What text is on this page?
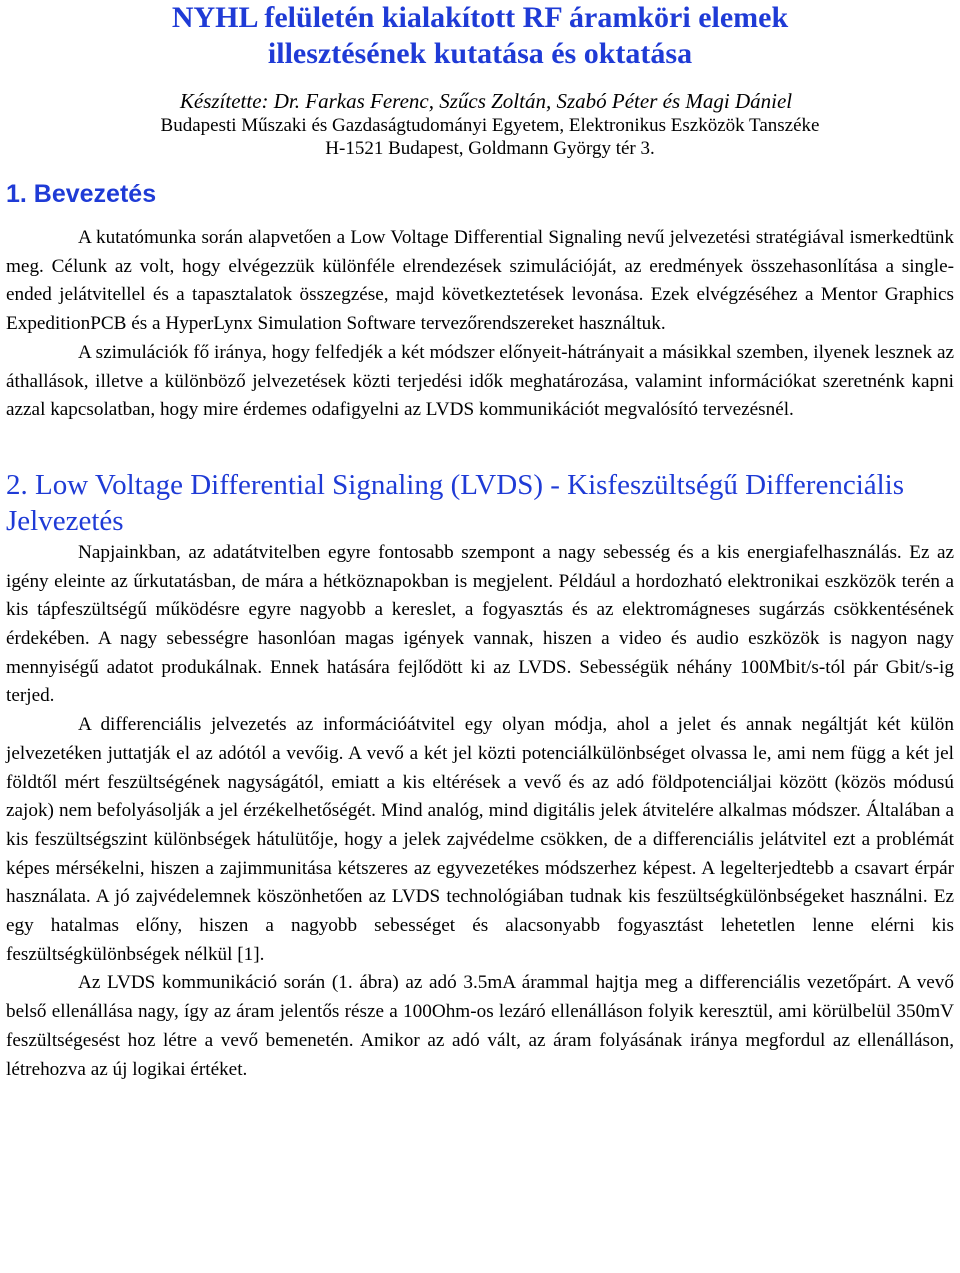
NYHL felületén kialakított RF áramköri elemek
illesztésének kutatása és oktatása
Készítette: Dr. Farkas Ferenc, Szűcs Zoltán, Szabó Péter és Magi Dániel
Budapesti Műszaki és Gazdaságtudományi Egyetem, Elektronikus Eszközök Tanszéke
H-1521 Budapest, Goldmann György tér 3.
1. Bevezetés

A kutatómunka során alapvetően a Low Voltage Differential Signaling nevű jelvezetési stratégiával ismerkedtünk meg. Célunk az volt, hogy elvégezzük különféle elrendezések szimulációját, az eredmények összehasonlítása a single-ended jelátvitellel és a tapasztalatok összegzése, majd következtetések levonása. Ezek elvégzéséhez a Mentor Graphics ExpeditionPCB és a HyperLynx Simulation Software tervezőrendszereket használtuk.

A szimulációk fő iránya, hogy felfedjék a két módszer előnyeit-hátrányait a másikkal szemben, ilyenek lesznek az áthallások, illetve a különböző jelvezetések közti terjedési idők meghatározása, valamint információkat szeretnénk kapni azzal kapcsolatban, hogy mire érdemes odafigyelni az LVDS kommunikációt megvalósító tervezésnél.

2. Low Voltage Differential Signaling (LVDS) - Kisfeszültségű Differenciális Jelvezetés

Napjainkban, az adatátvitelben egyre fontosabb szempont a nagy sebesség és a kis energiafelhasználás. Ez az igény eleinte az űrkutatásban, de mára a hétköznapokban is megjelent. Például a hordozható elektronikai eszközök terén a kis tápfeszültségű működésre egyre nagyobb a kereslet, a fogyasztás és az elektromágneses sugárzás csökkentésének érdekében. A nagy sebességre hasonlóan magas igények vannak, hiszen a video és audio eszközök is nagyon nagy mennyiségű adatot produkálnak. Ennek hatására fejlődött ki az LVDS. Sebességük néhány 100Mbit/s-tól pár Gbit/s-ig terjed.

A differenciális jelvezetés az információátvitel egy olyan módja, ahol a jelet és annak negáltját két külön jelvezetéken juttatják el az adótól a vevőig. A vevő a két jel közti potenciálkülönbséget olvassa le, ami nem függ a két jel földtől mért feszültségének nagyságától, emiatt a kis eltérések a vevő és az adó földpotenciáljai között (közös módusú zajok) nem befolyásolják a jel érzékelhetőségét. Mind analóg, mind digitális jelek átvitelére alkalmas módszer. Általában a kis feszültségszint különbségek hátulütője, hogy a jelek zajvédelme csökken, de a differenciális jelátvitel ezt a problémát képes mérsékelni, hiszen a zajimmunitása kétszeres az egyvezetékes módszerhez képest. A legelterjedtebb a csavart érpár használata. A jó zajvédelemnek köszönhetően az LVDS technológiában tudnak kis feszültségkülönbségeket használni. Ez egy hatalmas előny, hiszen a nagyobb sebességet és alacsonyabb fogyasztást lehetetlen lenne elérni kis feszültségkülönbségek nélkül [1].

Az LVDS kommunikáció során (1. ábra) az adó 3.5mA árammal hajtja meg a differenciális vezetőpárt. A vevő belső ellenállása nagy, így az áram jelentős része a 100Ohm-os lezáró ellenálláson folyik keresztül, ami körülbelül 350mV feszültségesést hoz létre a vevő bemenetén. Amikor az adó vált, az áram folyásának iránya megfordul az ellenálláson, létrehozva az új logikai értéket.
